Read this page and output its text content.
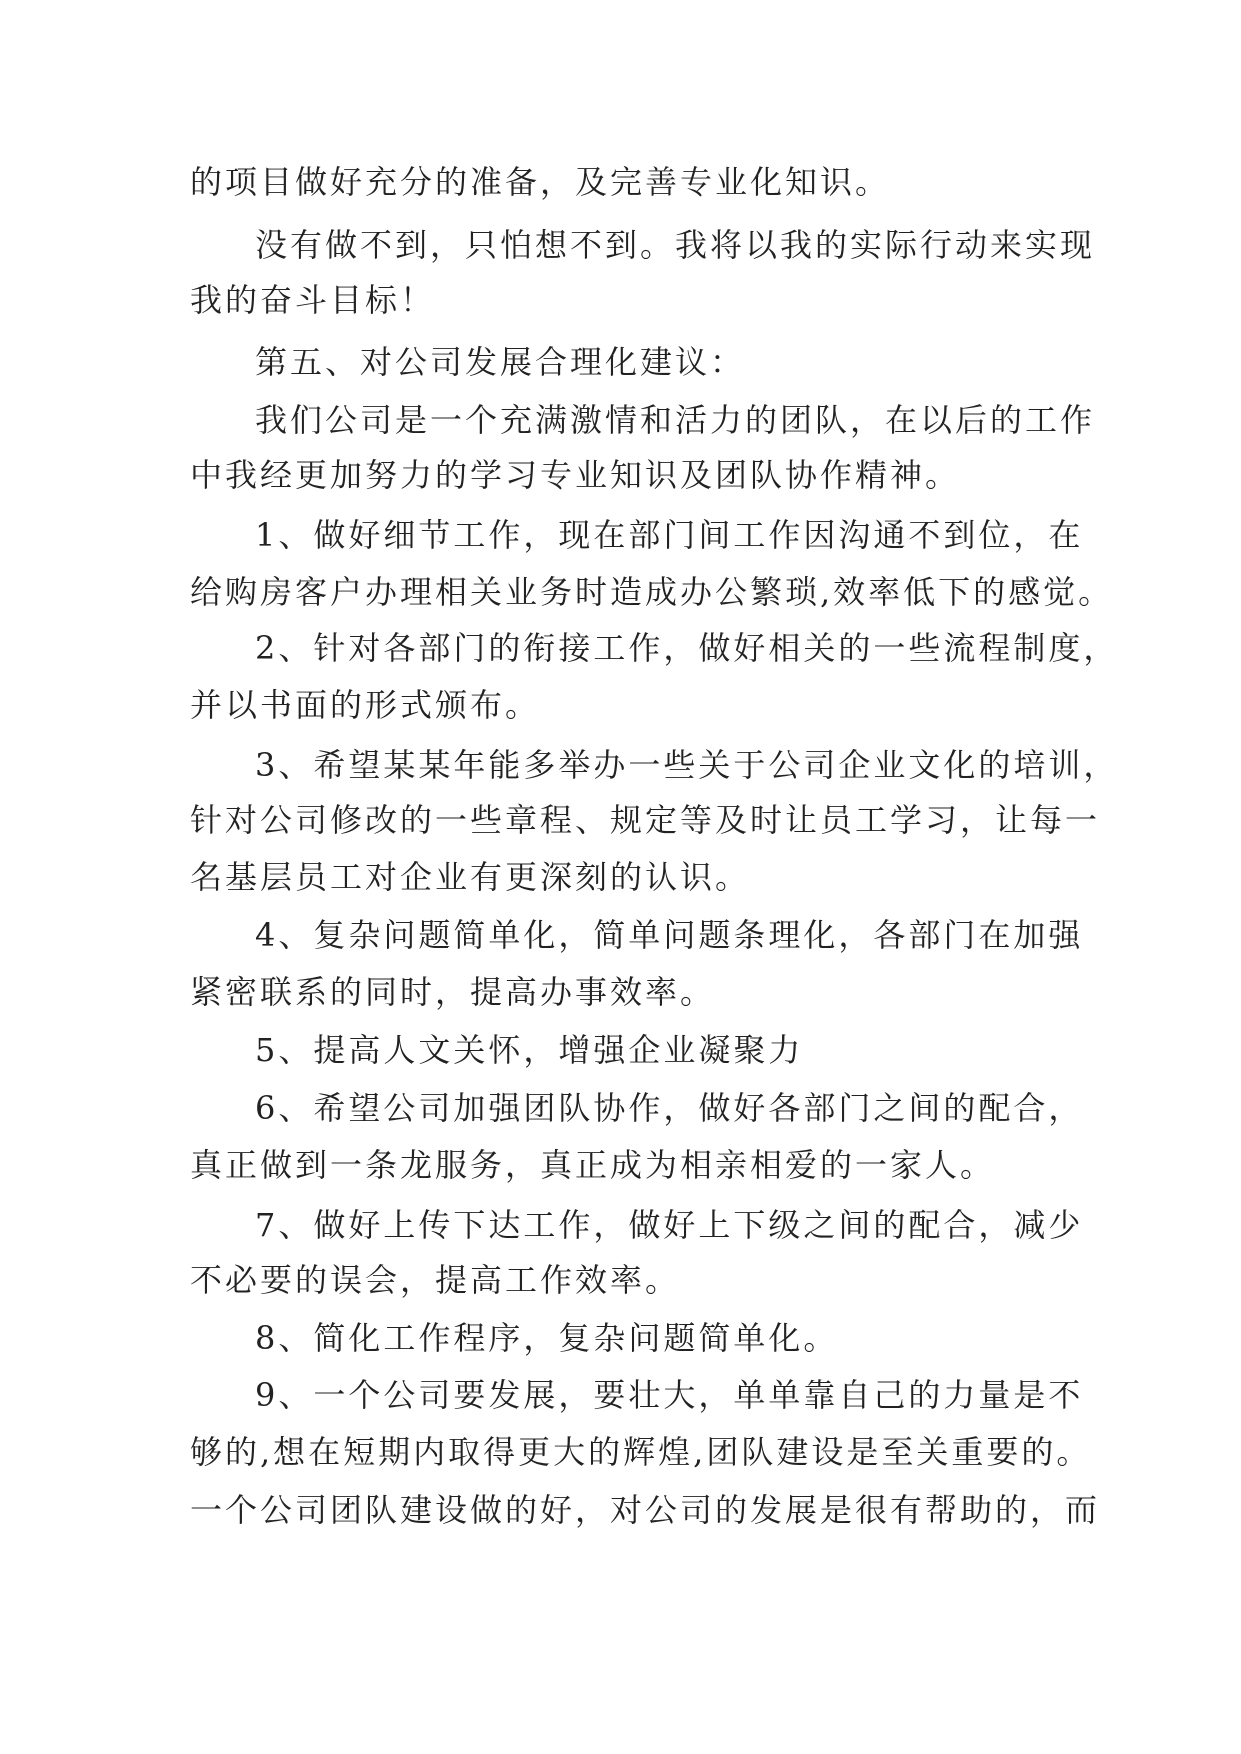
的项目做好充分的准备，及完善专业化知识。
没有做不到，只怕想不到。我将以我的实际行动来实现
我的奋斗目标！
第五、对公司发展合理化建议：
我们公司是一个充满激情和活力的团队，在以后的工作
中我经更加努力的学习专业知识及团队协作精神。
1、做好细节工作，现在部门间工作因沟通不到位，在
给购房客户办理相关业务时造成办公繁琐,效率低下的感觉。
2、针对各部门的衔接工作，做好相关的一些流程制度，
并以书面的形式颁布。
3、希望某某年能多举办一些关于公司企业文化的培训，
针对公司修改的一些章程、规定等及时让员工学习，让每一
名基层员工对企业有更深刻的认识。
4、复杂问题简单化，简单问题条理化，各部门在加强
紧密联系的同时，提高办事效率。
5、提高人文关怀，增强企业凝聚力
6、希望公司加强团队协作，做好各部门之间的配合，
真正做到一条龙服务，真正成为相亲相爱的一家人。
7、做好上传下达工作，做好上下级之间的配合，减少
不必要的误会，提高工作效率。
8、简化工作程序，复杂问题简单化。
9、一个公司要发展，要壮大，单单靠自己的力量是不
够的,想在短期内取得更大的辉煌,团队建设是至关重要的。
一个公司团队建设做的好，对公司的发展是很有帮助的，而
